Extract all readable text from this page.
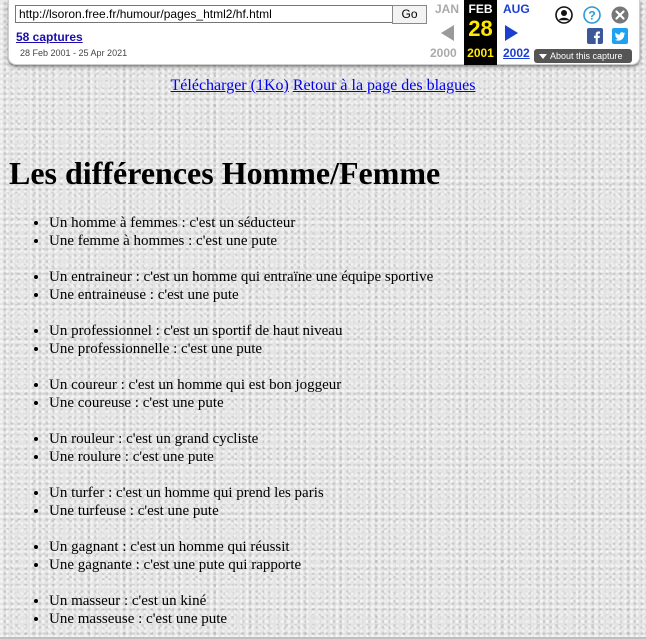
http://lsoron.free.fr/humour/pages_html2/hf.html	Go
58 captures
28 Feb 2001 - 25 Apr 2021
JAN
2000
FEB
28
2001
AUG
2002
?
About this capture
Télécharger (1Ko) Retour à la page des blagues
Les différences Homme/Femme
• Un homme à femmes : c'est un séducteur
• Une femme à hommes : c'est une pute
• Un entraineur : c'est un homme qui entraïne une équipe sportive
• Une entraineuse : c'est une pute
• Un professionnel : c'est un sportif de haut niveau
• Une professionnelle : c'est une pute
• Un coureur : c'est un homme qui est bon joggeur
• Une coureuse : c'est une pute
• Un rouleur : c'est un grand cycliste
• Une roulure : c'est une pute
• Un turfer : c'est un homme qui prend les paris
• Une turfeuse : c'est une pute
• Un gagnant : c'est un homme qui réussit
• Une gagnante : c'est une pute qui rapporte
• Un masseur : c'est un kiné
• Une masseuse : c'est une pute
